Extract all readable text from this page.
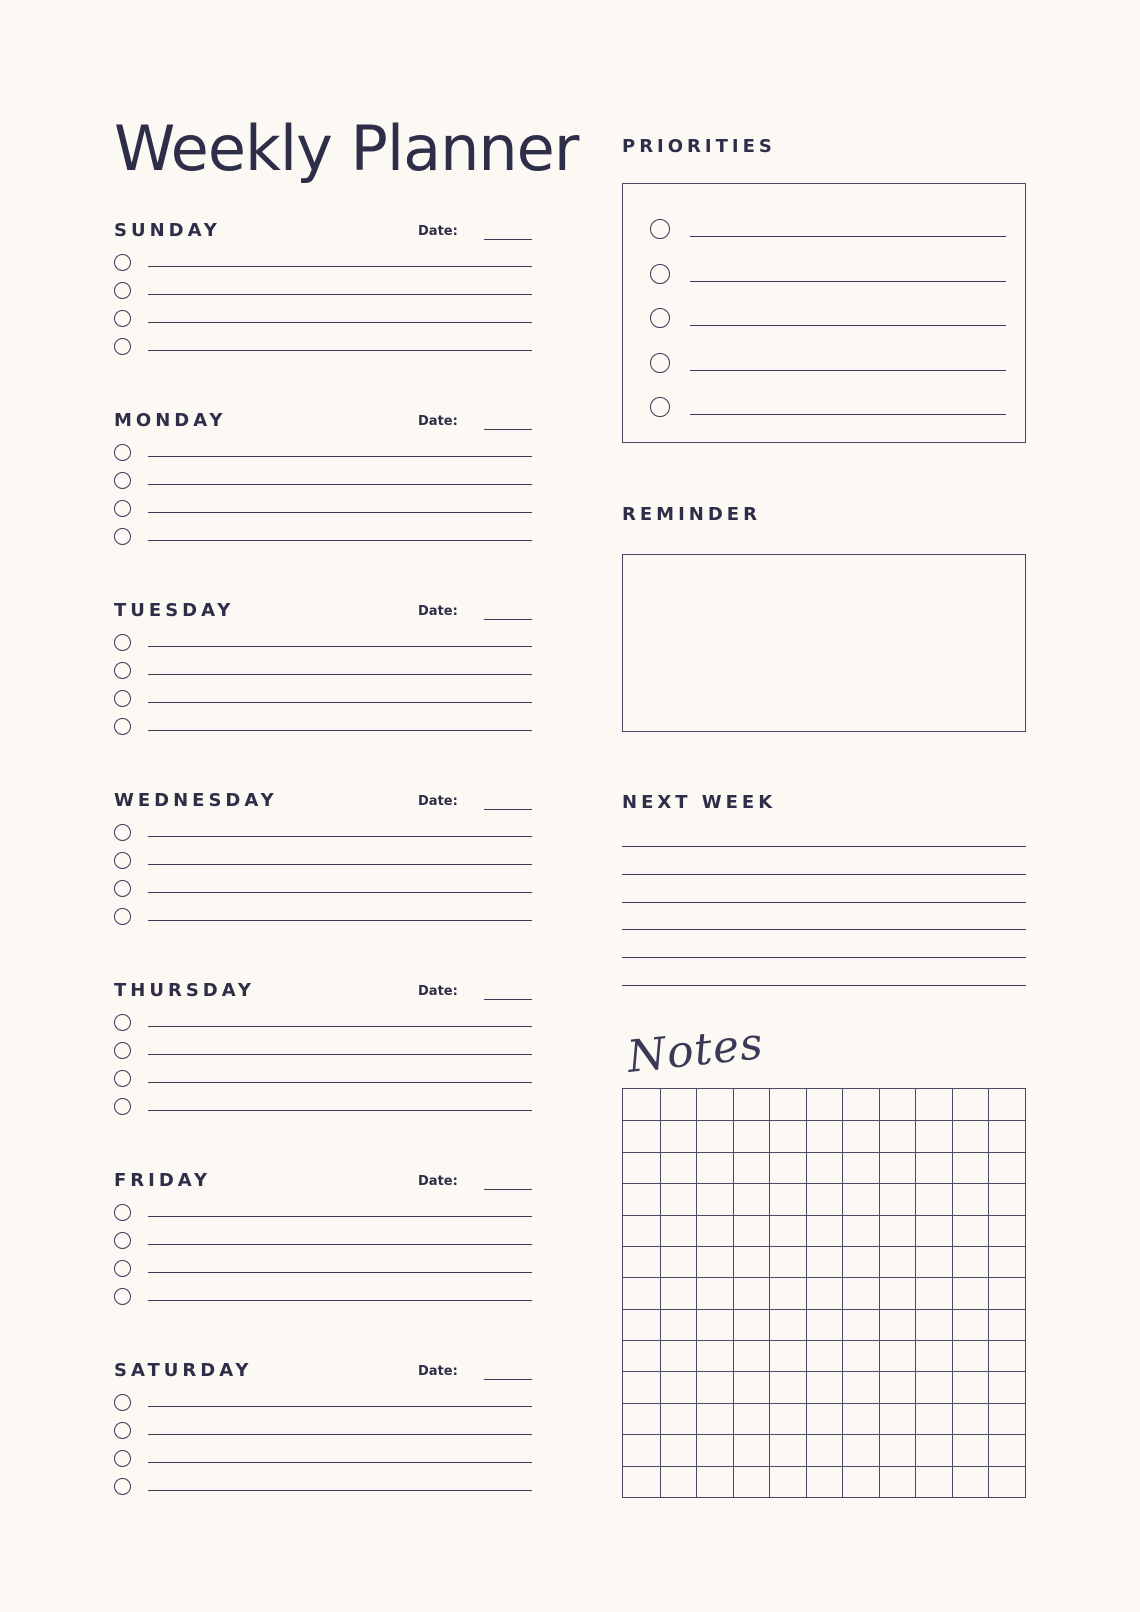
Weekly Planner PRIORITIES
REMINDER
NEXT WEEK
Notes
SUNDAY	Date:
MONDAY	Date:
TUESDAY	Date:
WEDNESDAY	Date:
THURSDAY	Date:
FRIDAY	Date:
SATURDAY	Date:
